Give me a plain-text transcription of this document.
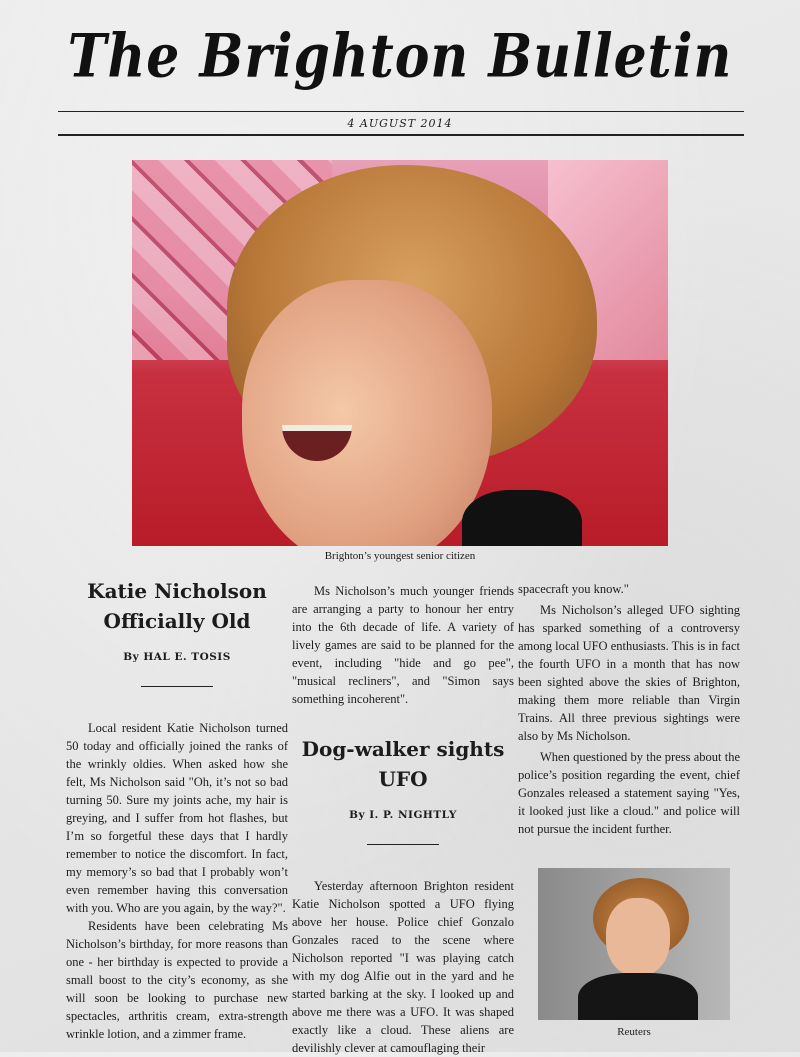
The Brighton Bulletin
4 AUGUST 2014
Brighton’s youngest senior citizen
Katie Nicholson Officially Old
By HAL E. TOSIS

Local resident Katie Nicholson turned 50 today and officially joined the ranks of the wrinkly oldies. When asked how she felt, Ms Nicholson said "Oh, it’s not so bad turning 50. Sure my joints ache, my hair is greying, and I suffer from hot flashes, but I’m so forgetful these days that I hardly remember to notice the discomfort. In fact, my memory’s so bad that I probably won’t even remember having this conversation with you. Who are you again, by the way?".

Residents have been celebrating Ms Nicholson’s birthday, for more reasons than one - her birthday is expected to provide a small boost to the city’s economy, as she will soon be looking to purchase new spectacles, arthritis cream, extra-strength wrinkle lotion, and a zimmer frame.

Ms Nicholson’s much younger friends are arranging a party to honour her entry into the 6th decade of life. A variety of lively games are said to be planned for the event, including "hide and go pee", "musical recliners", and "Simon says something incoherent".

Dog-walker sights UFO
By I. P. NIGHTLY

Yesterday afternoon Brighton resident Katie Nicholson spotted a UFO flying above her house. Police chief Gonzalo Gonzales raced to the scene where Nicholson reported "I was playing catch with my dog Alfie out in the yard and he started barking at the sky. I looked up and above me there was a UFO. It was shaped exactly like a cloud. These aliens are devilishly clever at camouflaging their

spacecraft you know."

Ms Nicholson’s alleged UFO sighting has sparked something of a controversy among local UFO enthusiasts. This is in fact the fourth UFO in a month that has now been sighted above the skies of Brighton, making them more reliable than Virgin Trains. All three previous sightings were also by Ms Nicholson.

When questioned by the press about the police’s position regarding the event, chief Gonzales released a statement saying "Yes, it looked just like a cloud." and police will not pursue the incident further.

Reuters
